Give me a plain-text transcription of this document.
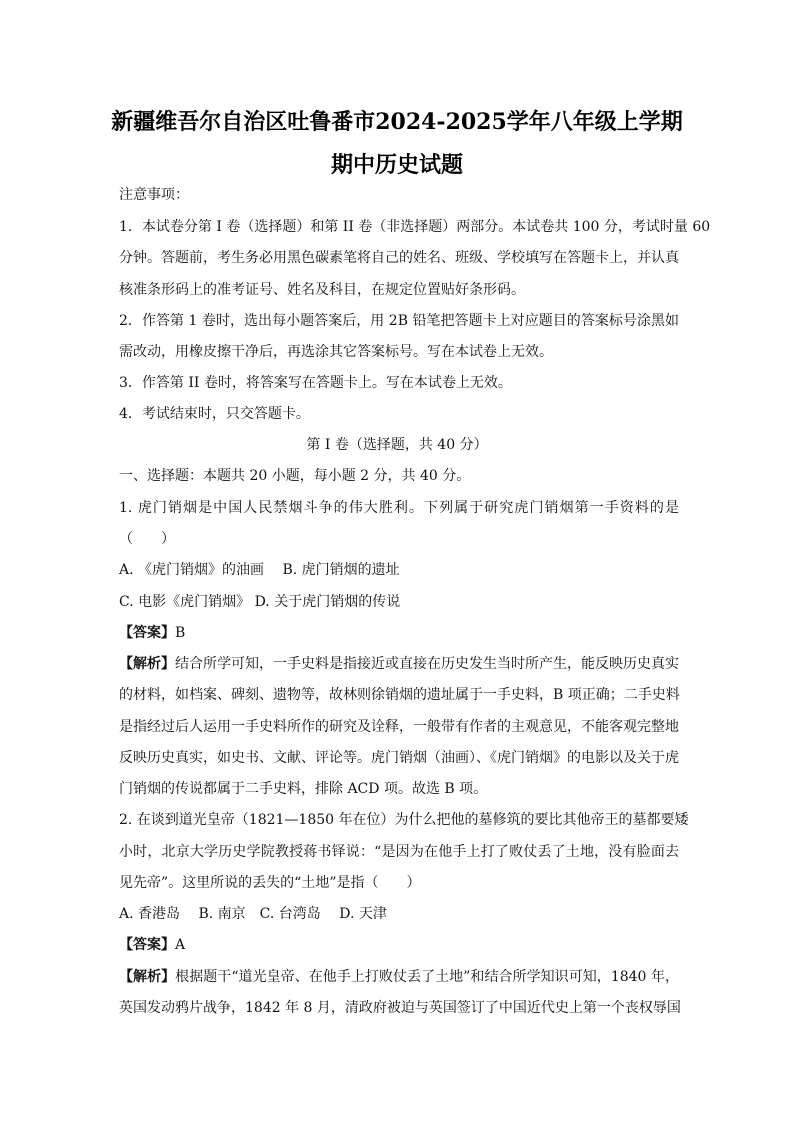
新疆维吾尔自治区吐鲁番市2024-2025学年八年级上学期
期中历史试题
注意事项：
1．本试卷分第 I 卷（选择题）和第 II 卷（非选择题）两部分。本试卷共 100 分，考试时量 60
分钟。答题前，考生务必用黑色碳素笔将自己的姓名、班级、学校填写在答题卡上，并认真
核准条形码上的准考证号、姓名及科目，在规定位置贴好条形码。
2．作答第 1 卷时，选出每小题答案后，用 2B 铅笔把答题卡上对应题目的答案标号涂黑如
需改动，用橡皮擦干净后，再选涂其它答案标号。写在本试卷上无效。
3．作答第 II 卷时，将答案写在答题卡上。写在本试卷上无效。
4．考试结束时，只交答题卡。
第 I 卷（选择题，共 40 分）
一、选择题：本题共 20 小题，每小题 2 分，共 40 分。
1. 虎门销烟是中国人民禁烟斗争的伟大胜利。下列属于研究虎门销烟第一手资料的是
（　　）
A. 《虎门销烟》的油画　 B. 虎门销烟的遗址
C. 电影《虎门销烟》 D. 关于虎门销烟的传说
【答案】B
【解析】结合所学可知，一手史料是指接近或直接在历史发生当时所产生，能反映历史真实
的材料，如档案、碑刻、遗物等，故林则徐销烟的遗址属于一手史料，B 项正确；二手史料
是指经过后人运用一手史料所作的研究及诠释，一般带有作者的主观意见，不能客观完整地
反映历史真实，如史书、文献、评论等。虎门销烟（油画）、《虎门销烟》的电影以及关于虎
门销烟的传说都属于二手史料，排除 ACD 项。故选 B 项。
2. 在谈到道光皇帝（1821—1850 年在位）为什么把他的墓修筑的要比其他帝王的墓都要矮
小时，北京大学历史学院教授蒋书铎说：“是因为在他手上打了败仗丢了土地，没有脸面去
见先帝”。这里所说的丢失的“土地”是指（　　）
A. 香港岛　 B. 南京　C. 台湾岛　 D. 天津
【答案】A
【解析】根据题干“道光皇帝、在他手上打败仗丢了土地”和结合所学知识可知，1840 年，
英国发动鸦片战争，1842 年 8 月，清政府被迫与英国签订了中国近代史上第一个丧权辱国
